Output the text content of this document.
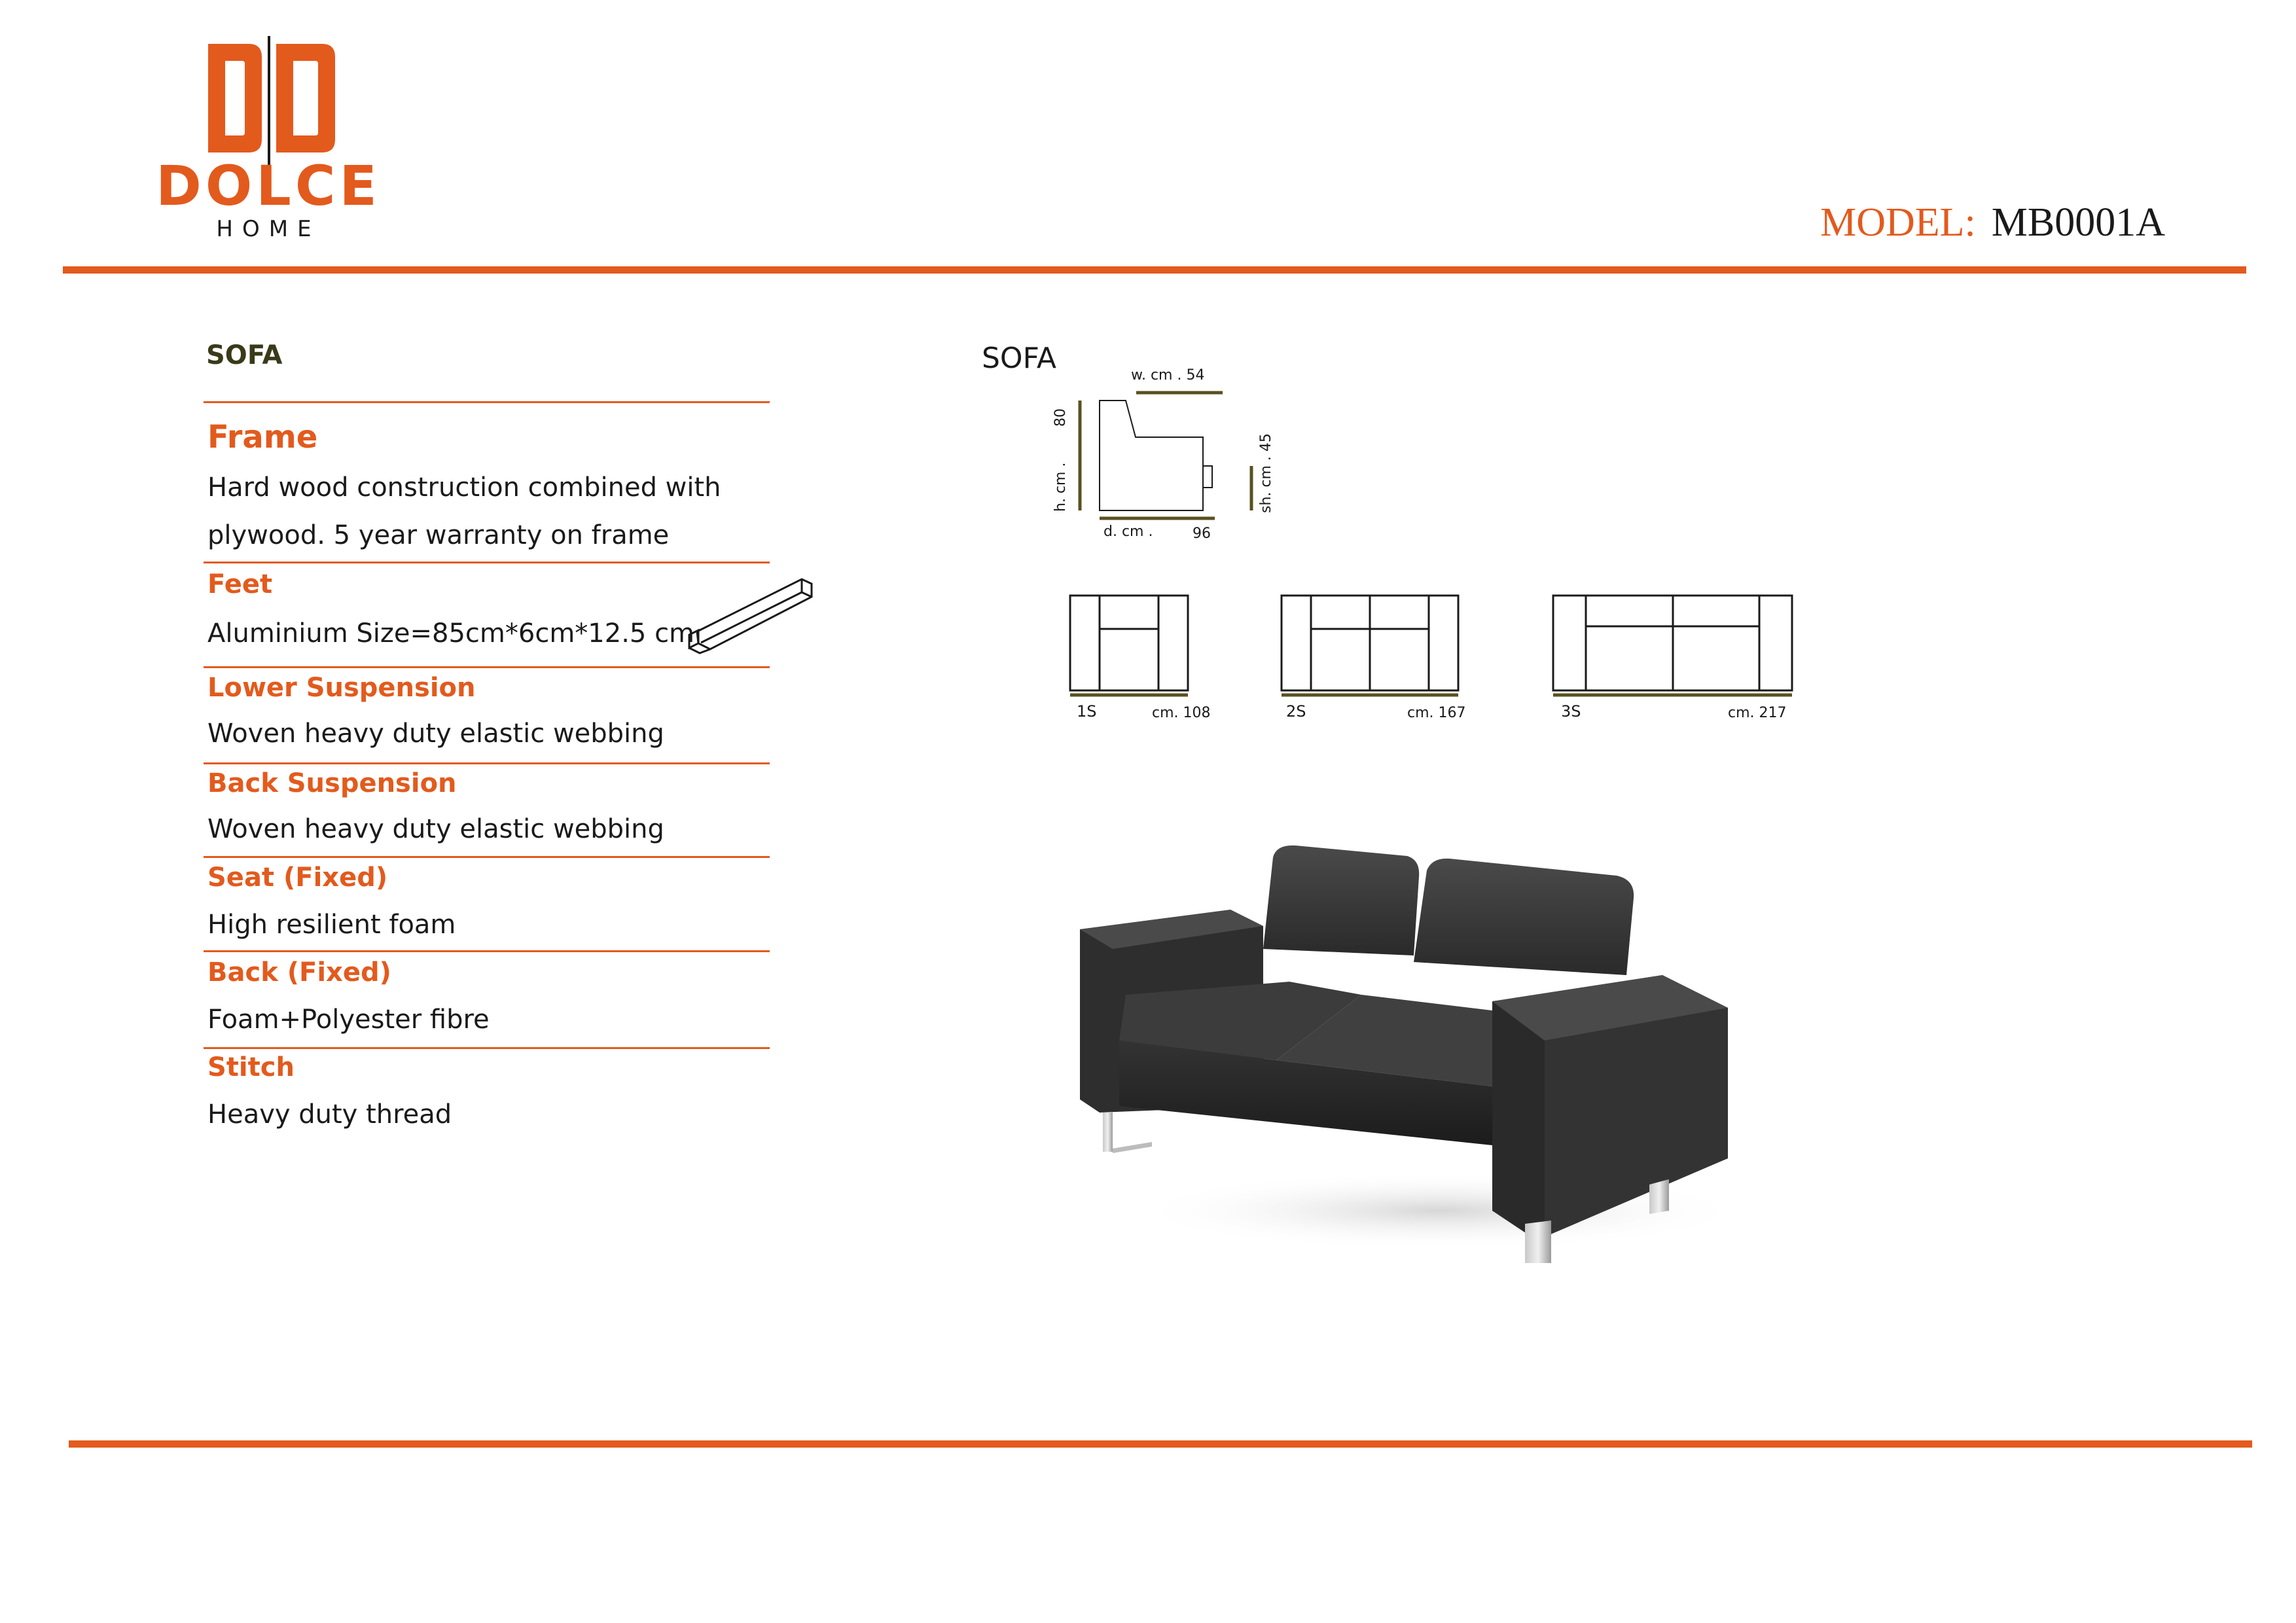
DOLCE
HOME	MODEL: MB0001A
SOFA
Frame
Hard wood construction combined with
plywood. 5 year warranty on frame
Feet
Aluminium Size=85cm*6cm*12.5 cm
Lower Suspension
Woven heavy duty elastic webbing
Back Suspension
Woven heavy duty elastic webbing
Seat (Fixed)
High resilient foam
Back (Fixed)
Foam+Polyester fibre
Stitch
Heavy duty thread
SOFA
w. cm . 54
h. cm .
80
d. cm .	96
sh. cm . 45
1S	cm. 108	2S	cm. 167	3S	cm. 217
